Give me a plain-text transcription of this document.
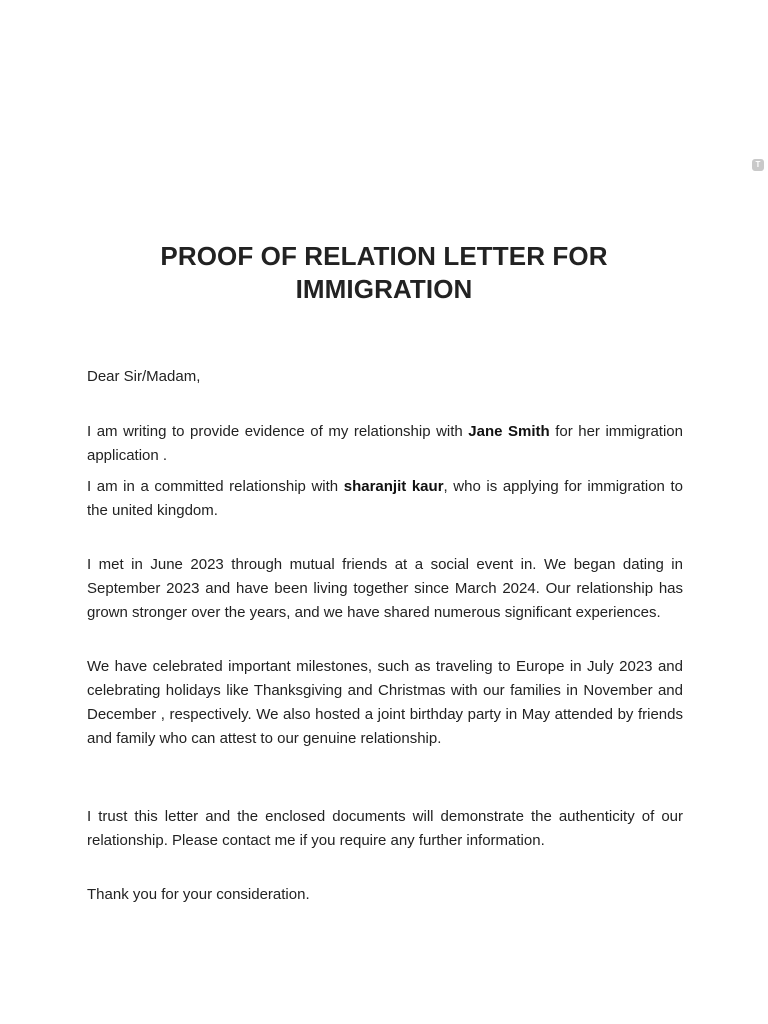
T
PROOF OF RELATION LETTER FOR IMMIGRATION
Dear Sir/Madam,
I am writing to provide evidence of my relationship with Jane Smith for her immigration application .
I am in a committed relationship with sharanjit kaur, who is applying for immigration to the united kingdom.
I met in June 2023 through mutual friends at a social event in. We began dating in September 2023 and have been living together since March 2024. Our relationship has grown stronger over the years, and we have shared numerous significant experiences.
We have celebrated important milestones, such as traveling to Europe in July 2023 and celebrating holidays like Thanksgiving and Christmas with our families in November and December , respectively. We also hosted a joint birthday party in May attended by friends and family who can attest to our genuine relationship.
I trust this letter and the enclosed documents will demonstrate the authenticity of our relationship. Please contact me if you require any further information.
Thank you for your consideration.
